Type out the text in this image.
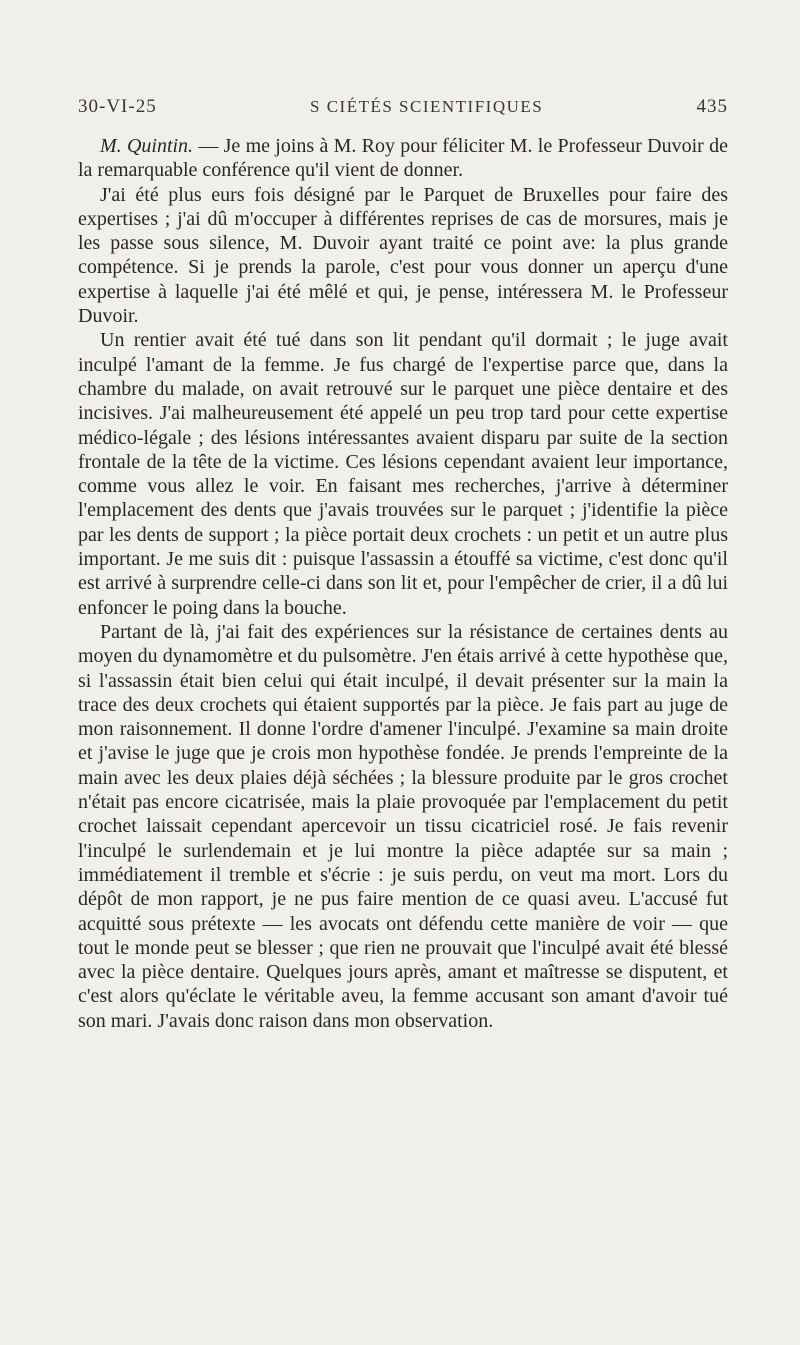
30-VI-25	S CIÉTÉS SCIENTIFIQUES	435

M. Quintin. — Je me joins à M. Roy pour féliciter M. le Professeur Duvoir de la remarquable conférence qu'il vient de donner.

J'ai été plus eurs fois désigné par le Parquet de Bruxelles pour faire des expertises ; j'ai dû m'occuper à différentes reprises de cas de morsures, mais je les passe sous silence, M. Duvoir ayant traité ce point ave: la plus grande compétence. Si je prends la parole, c'est pour vous donner un aperçu d'une expertise à laquelle j'ai été mêlé et qui, je pense, intéressera M. le Professeur Duvoir.

Un rentier avait été tué dans son lit pendant qu'il dormait ; le juge avait inculpé l'amant de la femme. Je fus chargé de l'expertise parce que, dans la chambre du malade, on avait retrouvé sur le parquet une pièce dentaire et des incisives. J'ai malheureusement été appelé un peu trop tard pour cette expertise médico-légale ; des lésions intéressantes avaient disparu par suite de la section frontale de la tête de la victime. Ces lésions cependant avaient leur importance, comme vous allez le voir. En faisant mes recherches, j'arrive à déterminer l'emplacement des dents que j'avais trouvées sur le parquet ; j'identifie la pièce par les dents de support ; la pièce portait deux crochets : un petit et un autre plus important. Je me suis dit : puisque l'assassin a étouffé sa victime, c'est donc qu'il est arrivé à surprendre celle-ci dans son lit et, pour l'empêcher de crier, il a dû lui enfoncer le poing dans la bouche.

Partant de là, j'ai fait des expériences sur la résistance de certaines dents au moyen du dynamomètre et du pulsomètre. J'en étais arrivé à cette hypothèse que, si l'assassin était bien celui qui était inculpé, il devait présenter sur la main la trace des deux crochets qui étaient supportés par la pièce. Je fais part au juge de mon raisonnement. Il donne l'ordre d'amener l'inculpé. J'examine sa main droite et j'avise le juge que je crois mon hypothèse fondée. Je prends l'empreinte de la main avec les deux plaies déjà séchées ; la blessure produite par le gros crochet n'était pas encore cicatrisée, mais la plaie provoquée par l'emplacement du petit crochet laissait cependant apercevoir un tissu cicatriciel rosé. Je fais revenir l'inculpé le surlendemain et je lui montre la pièce adaptée sur sa main ; immédiatement il tremble et s'écrie : je suis perdu, on veut ma mort. Lors du dépôt de mon rapport, je ne pus faire mention de ce quasi aveu. L'accusé fut acquitté sous prétexte — les avocats ont défendu cette manière de voir — que tout le monde peut se blesser ; que rien ne prouvait que l'inculpé avait été blessé avec la pièce dentaire. Quelques jours après, amant et maîtresse se disputent, et c'est alors qu'éclate le véritable aveu, la femme accusant son amant d'avoir tué son mari. J'avais donc raison dans mon observation.
